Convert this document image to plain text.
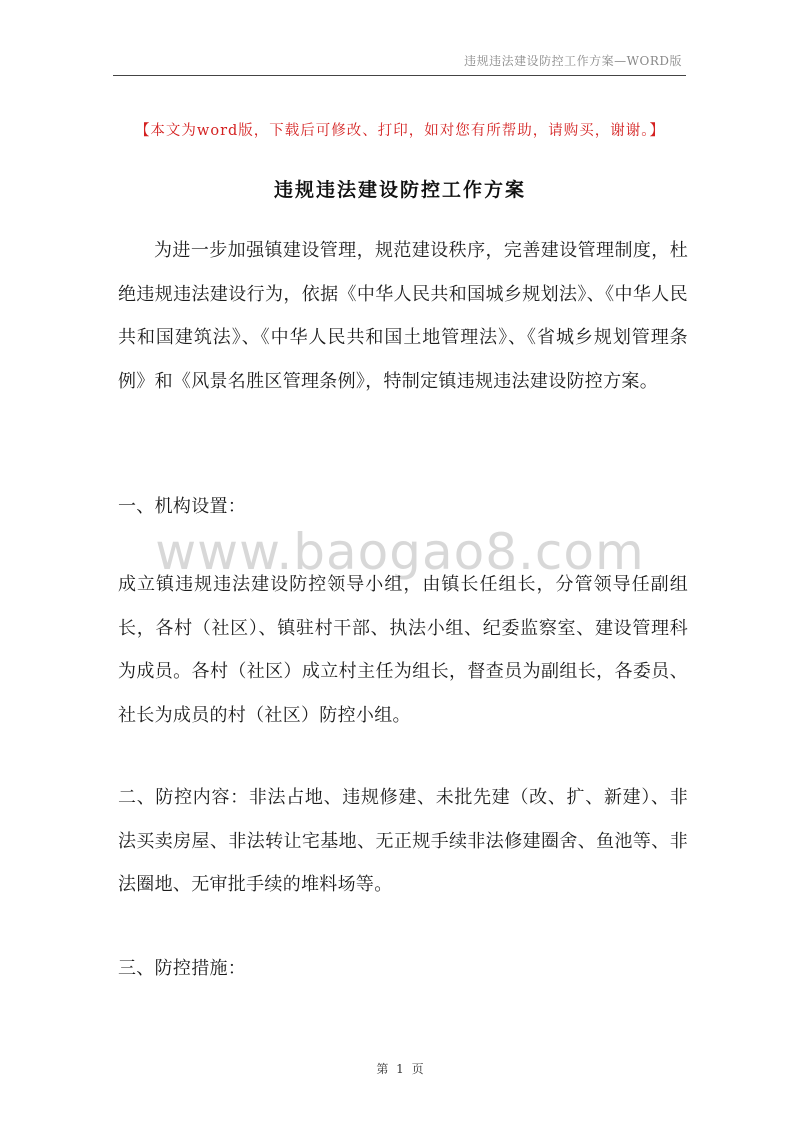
违规违法建设防控工作方案—WORD版
【本文为word版，下载后可修改、打印，如对您有所帮助，请购买，谢谢。】
违规违法建设防控工作方案

为进一步加强镇建设管理，规范建设秩序，完善建设管理制度，杜绝违规违法建设行为，依据《中华人民共和国城乡规划法》、《中华人民共和国建筑法》、《中华人民共和国土地管理法》、《省城乡规划管理条例》和《风景名胜区管理条例》，特制定镇违规违法建设防控方案。

一、机构设置：

www.baogao8.com

成立镇违规违法建设防控领导小组，由镇长任组长，分管领导任副组长，各村（社区）、镇驻村干部、执法小组、纪委监察室、建设管理科为成员。各村（社区）成立村主任为组长，督查员为副组长，各委员、社长为成员的村（社区）防控小组。

二、防控内容：非法占地、违规修建、未批先建（改、扩、新建）、非法买卖房屋、非法转让宅基地、无正规手续非法修建圈舍、鱼池等、非法圈地、无审批手续的堆料场等。

三、防控措施：

第 1 页
